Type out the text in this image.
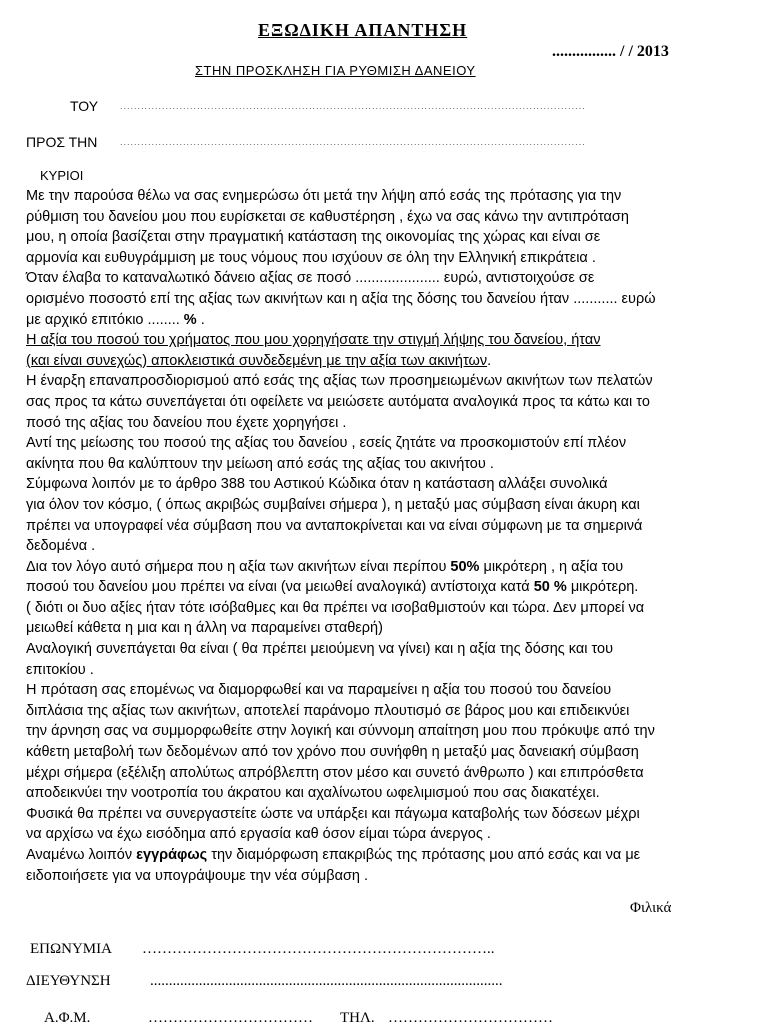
ΕΞΩΔΙΚΗ ΑΠΑΝΤΗΣΗ
................ / / 2013
ΣΤΗΝ ΠΡΟΣΚΛΗΣΗ ΓΙΑ ΡΥΘΜΙΣΗ ΔΑΝΕΙΟΥ
ΤΟΥ .....................................................................................................................................
ΠΡΟΣ ΤΗΝ	.....................................................................................................................................
ΚΥΡΙΟΙ
Με την παρούσα θέλω να σας ενημερώσω ότι μετά την λήψη από εσάς της πρότασης για την
ρύθμιση του δανείου μου που ευρίσκεται σε καθυστέρηση , έχω να σας κάνω την αντιπρόταση
μου, η οποία βασίζεται στην πραγματική κατάσταση της οικονομίας της χώρας και είναι σε
αρμονία και ευθυγράμμιση με τους νόμους που ισχύουν σε όλη την Ελληνική επικράτεια .
Όταν έλαβα το καταναλωτικό δάνειο αξίας σε ποσό ..................... ευρώ, αντιστοιχούσε σε
ορισμένο ποσοστό επί της αξίας των ακινήτων και η αξία της δόσης του δανείου ήταν ........... ευρώ
με αρχικό επιτόκιο ........ % .
Η αξία του ποσού του χρήματος που μου χορηγήσατε την στιγμή λήψης του δανείου, ήταν
(και είναι συνεχώς) αποκλειστικά συνδεδεμένη με την αξία των ακινήτων.
Η έναρξη επαναπροσδιορισμού από εσάς της αξίας των προσημειωμένων ακινήτων των πελατών
σας προς τα κάτω συνεπάγεται ότι οφείλετε να μειώσετε αυτόματα αναλογικά προς τα κάτω και το
ποσό της αξίας του δανείου που έχετε χορηγήσει .
Αντί της μείωσης του ποσού της αξίας του δανείου , εσείς ζητάτε να προσκομιστούν επί πλέον
ακίνητα που θα καλύπτουν την μείωση από εσάς της αξίας του ακινήτου .
Σύμφωνα λοιπόν με το άρθρο 388 του Αστικού Κώδικα όταν η κατάσταση αλλάξει συνολικά
για όλον τον κόσμο, ( όπως ακριβώς συμβαίνει σήμερα ), η μεταξύ μας σύμβαση είναι άκυρη και
πρέπει να υπογραφεί νέα σύμβαση που να ανταποκρίνεται και να είναι σύμφωνη με τα σημερινά
δεδομένα .
Δια τον λόγο αυτό σήμερα που η αξία των ακινήτων είναι περίπου 50% μικρότερη , η αξία του
ποσού του δανείου μου πρέπει να είναι (να μειωθεί αναλογικά) αντίστοιχα κατά 50 % μικρότερη.
( διότι οι δυο αξίες ήταν τότε ισόβαθμες και θα πρέπει να ισοβαθμιστούν και τώρα. Δεν μπορεί να
μειωθεί κάθετα η μια και η άλλη να παραμείνει σταθερή)
Αναλογική συνεπάγεται θα είναι ( θα πρέπει μειούμενη να γίνει) και η αξία της δόσης και του
επιτοκίου .
Η πρόταση σας επομένως να διαμορφωθεί και να παραμείνει η αξία του ποσού του δανείου
διπλάσια της αξίας των ακινήτων, αποτελεί παράνομο πλουτισμό σε βάρος μου και επιδεικνύει
την άρνηση σας να συμμορφωθείτε στην λογική και σύννομη απαίτηση μου που πρόκυψε από την
κάθετη μεταβολή των δεδομένων από τον χρόνο που συνήφθη η μεταξύ μας δανειακή σύμβαση
μέχρι σήμερα (εξέλιξη απολύτως απρόβλεπτη στον μέσο και συνετό άνθρωπο ) και επιπρόσθετα
αποδεικνύει την νοοτροπία του άκρατου και αχαλίνωτου ωφελιμισμού που σας διακατέχει.
Φυσικά θα πρέπει να συνεργαστείτε ώστε να υπάρξει και πάγωμα καταβολής των δόσεων μέχρι
να αρχίσω να έχω εισόδημα από εργασία καθ όσον είμαι τώρα άνεργος .
Αναμένω λοιπόν εγγράφως την διαμόρφωση επακριβώς της πρότασης μου από εσάς και να με
ειδοποιήσετε για να υπογράψουμε την νέα σύμβαση .
Φιλικά
ΕΠΩΝΥΜΙΑ ……………………………………………………………..
ΔΙΕΥΘΥΝΣΗ	..............................................................................................
Α.Φ.Μ.	…………………………… ΤΗΛ. ……………………………
